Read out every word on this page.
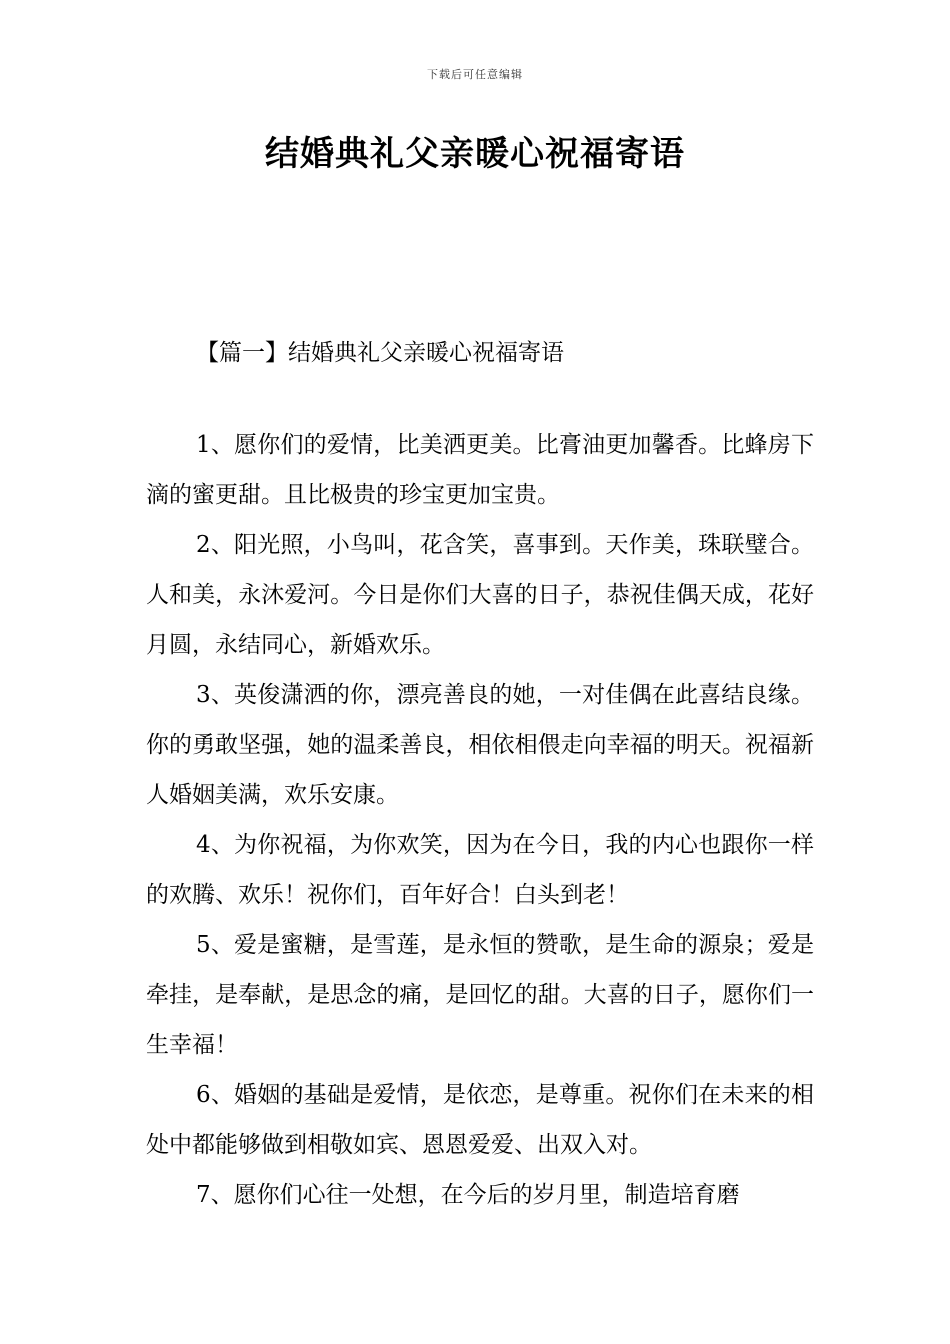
下载后可任意编辑
结婚典礼父亲暖心祝福寄语
【篇一】结婚典礼父亲暖心祝福寄语

1、愿你们的爱情，比美洒更美。比膏油更加馨香。比蜂房下滴的蜜更甜。且比极贵的珍宝更加宝贵。

2、阳光照，小鸟叫，花含笑，喜事到。天作美，珠联璧合。人和美，永沐爱河。今日是你们大喜的日子，恭祝佳偶天成，花好月圆，永结同心，新婚欢乐。

3、英俊潇洒的你，漂亮善良的她，一对佳偶在此喜结良缘。你的勇敢坚强，她的温柔善良，相依相偎走向幸福的明天。祝福新人婚姻美满，欢乐安康。

4、为你祝福，为你欢笑，因为在今日，我的内心也跟你一样的欢腾、欢乐！祝你们，百年好合！白头到老！

5、爱是蜜糖，是雪莲，是永恒的赞歌，是生命的源泉；爱是牵挂，是奉献，是思念的痛，是回忆的甜。大喜的日子，愿你们一生幸福！

6、婚姻的基础是爱情，是依恋，是尊重。祝你们在未来的相处中都能够做到相敬如宾、恩恩爱爱、出双入对。

7、愿你们心往一处想，在今后的岁月里，制造培育磨
